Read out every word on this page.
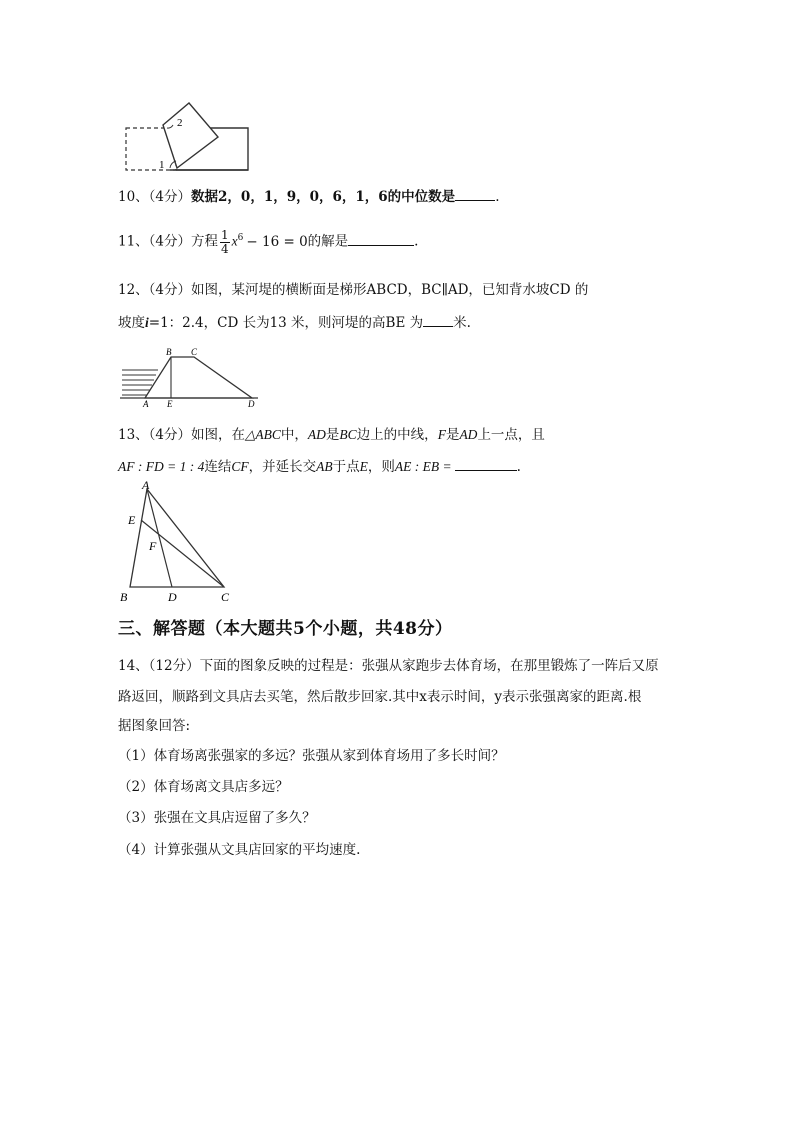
1
2
10、（4分）数据2，0，1，9，0，6，1，6的中位数是	.
11、（4分）方程 $\frac{1}{4} x^6 - 16 = 0$的解是	.
12、（4分）如图，某河堤的横断面是梯形ABCD，BC∥AD，已知背水坡CD 的
坡度i=1：2.4，CD 长为13 米，则河堤的高BE 为 米.
B C
A E	D
13、（4分）如图，在△ABC中，AD是BC边上的中线，F是AD上一点，且
AF : FD = 1 : 4连结CF，并延长交AB于点E，则AE : EB =	.
A
E
F
B	D	C
三、解答题（本大题共5个小题，共48分）
14、（12分）下面的图象反映的过程是：张强从家跑步去体育场，在那里锻炼了一阵后又原
路返回，顺路到文具店去买笔，然后散步回家.其中x表示时间，y表示张强离家的距离.根
据图象回答:
（1）体育场离张强家的多远？张强从家到体育场用了多长时间？
（2）体育场离文具店多远？
（3）张强在文具店逗留了多久？
（4）计算张强从文具店回家的平均速度.
